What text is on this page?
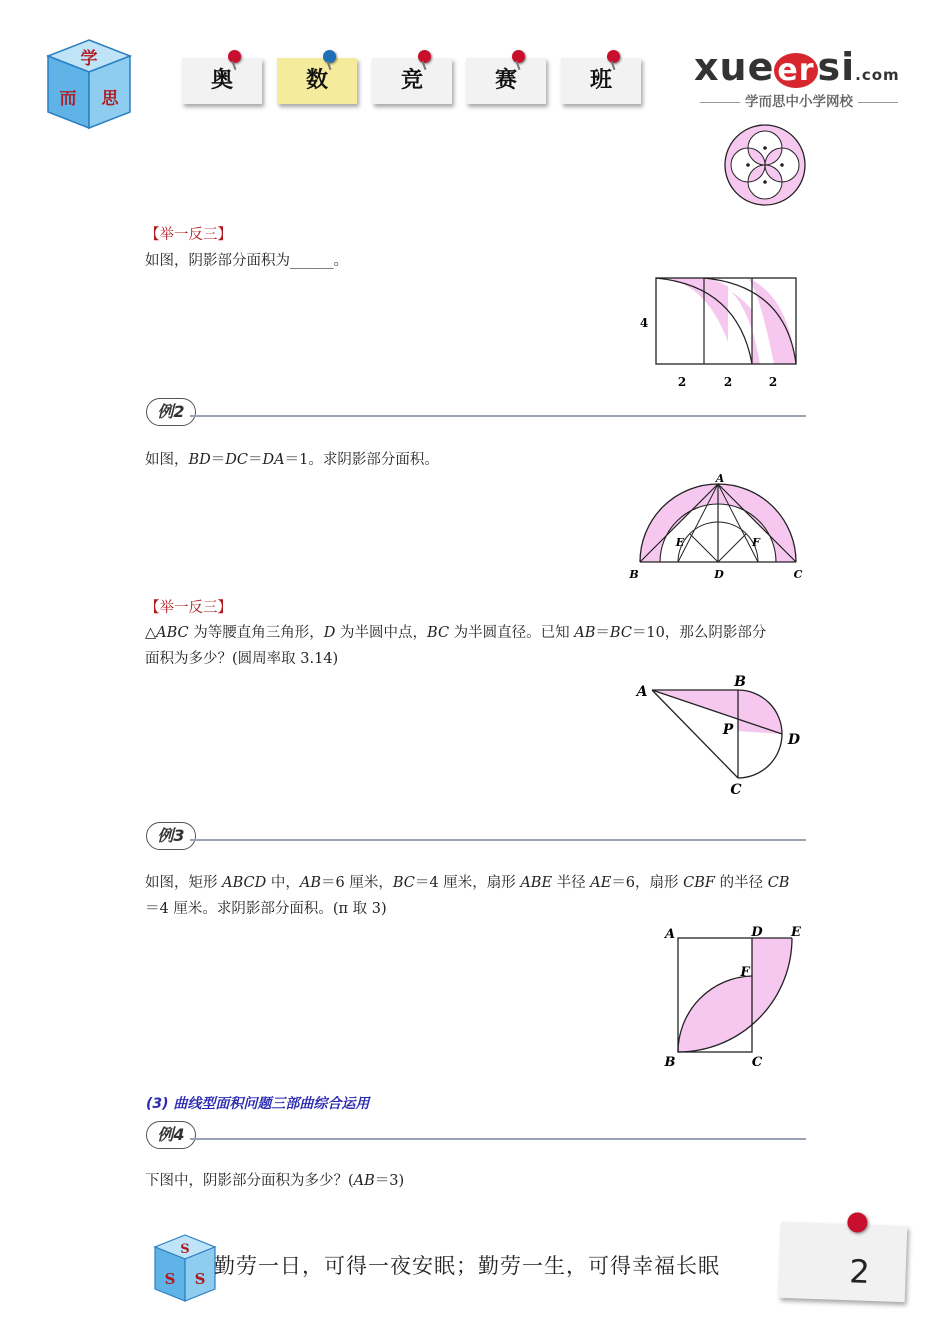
学
而 思
奥	数	竞	赛	班	xue ersi.com
学而思中小学网校
【举一反三】
如图，阴影部分面积为______。
4
2	2	2
例2
如图，BD＝DC＝DA＝1。求阴影部分面积。
A
B	D	C
E	F
【举一反三】
△ABC 为等腰直角三角形，D 为半圆中点，BC 为半圆直径。已知 AB＝BC＝10，那么阴影部分
面积为多少？(圆周率取 3.14)
A
B
P
D
C
例3
如图，矩形 ABCD 中，AB＝6 厘米，BC＝4 厘米，扇形 ABE 半径 AE＝6，扇形 CBF 的半径 CB
＝4 厘米。求阴影部分面积。(π 取 3)
A	D E
F
B	C
(3) 曲线型面积问题三部曲综合运用
例4
下图中，阴影部分面积为多少？(AB＝3)
S
S S
勤劳一日，可得一夜安眠；勤劳一生，可得幸福长眠	2
